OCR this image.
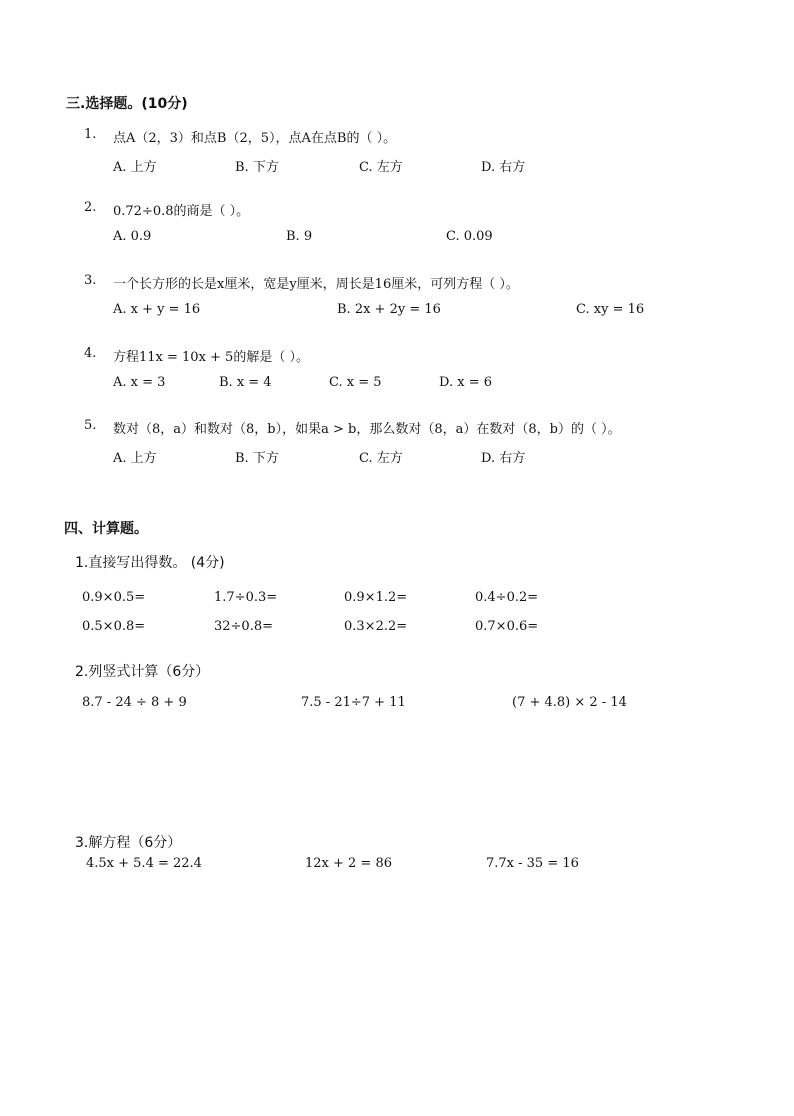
三.选择题。(10分)
1. 点A（2，3）和点B（2，5），点A在点B的（ ）。
A. 上方	B. 下方	C. 左方	D. 右方
2. 0.72÷0.8的商是（ ）。
A. 0.9	B. 9	C. 0.09
3. 一个长方形的长是x厘米，宽是y厘米，周长是16厘米，可列方程（ ）。
A. x + y = 16	B. 2x + 2y = 16	C. xy = 16
4. 方程11x = 10x + 5的解是（ ）。
A. x = 3	B. x = 4	C. x = 5	D. x = 6
5. 数对（8，a）和数对（8，b），如果a > b，那么数对（8，a）在数对（8，b）的（ ）。
A. 上方	B. 下方	C. 左方	D. 右方
四、计算题。
1.直接写出得数。 (4分)
0.9×0.5=	1.7÷0.3=	0.9×1.2=	0.4÷0.2=
0.5×0.8=	32÷0.8=	0.3×2.2=	0.7×0.6=
2.列竖式计算（6分）
8.7 - 24 ÷ 8 + 9	7.5 - 21÷7 + 11	(7 + 4.8) × 2 - 14
3.解方程（6分）
4.5x + 5.4 = 22.4	12x + 2 = 86	7.7x - 35 = 16
